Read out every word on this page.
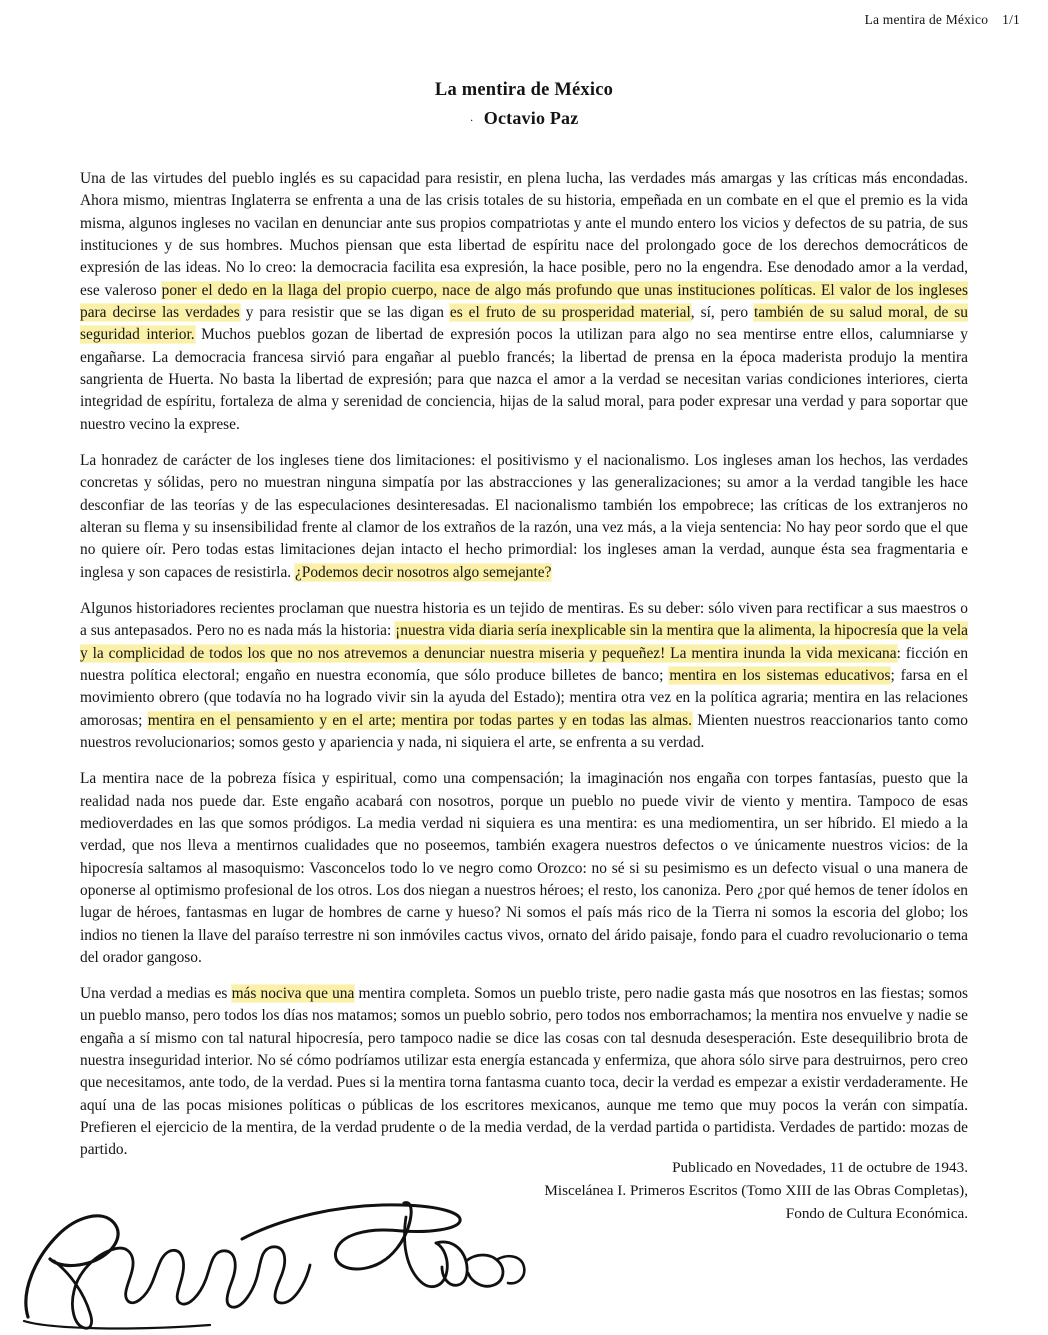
La mentira de México 1/1
La mentira de México
· Octavio Paz

Una de las virtudes del pueblo inglés es su capacidad para resistir, en plena lucha, las verdades más amargas y las críticas más encondadas. Ahora mismo, mientras Inglaterra se enfrenta a una de las crisis totales de su historia, empeñada en un combate en el que el premio es la vida misma, algunos ingleses no vacilan en denunciar ante sus propios compatriotas y ante el mundo entero los vicios y defectos de su patria, de sus instituciones y de sus hombres. Muchos piensan que esta libertad de espíritu nace del prolongado goce de los derechos democráticos de expresión de las ideas. No lo creo: la democracia facilita esa expresión, la hace posible, pero no la engendra. Ese denodado amor a la verdad, ese valeroso poner el dedo en la llaga del propio cuerpo, nace de algo más profundo que unas instituciones políticas. El valor de los ingleses para decirse las verdades y para resistir que se las digan es el fruto de su prosperidad material, sí, pero también de su salud moral, de su seguridad interior. Muchos pueblos gozan de libertad de expresión pocos la utilizan para algo no sea mentirse entre ellos, calumniarse y engañarse. La democracia francesa sirvió para engañar al pueblo francés; la libertad de prensa en la época maderista produjo la mentira sangrienta de Huerta. No basta la libertad de expresión; para que nazca el amor a la verdad se necesitan varias condiciones interiores, cierta integridad de espíritu, fortaleza de alma y serenidad de conciencia, hijas de la salud moral, para poder expresar una verdad y para soportar que nuestro vecino la exprese.

La honradez de carácter de los ingleses tiene dos limitaciones: el positivismo y el nacionalismo. Los ingleses aman los hechos, las verdades concretas y sólidas, pero no muestran ninguna simpatía por las abstracciones y las generalizaciones; su amor a la verdad tangible les hace desconfiar de las teorías y de las especulaciones desinteresadas. El nacionalismo también los empobrece; las críticas de los extranjeros no alteran su flema y su insensibilidad frente al clamor de los extraños de la razón, una vez más, a la vieja sentencia: No hay peor sordo que el que no quiere oír. Pero todas estas limitaciones dejan intacto el hecho primordial: los ingleses aman la verdad, aunque ésta sea fragmentaria e inglesa y son capaces de resistirla. ¿Podemos decir nosotros algo semejante?

Algunos historiadores recientes proclaman que nuestra historia es un tejido de mentiras. Es su deber: sólo viven para rectificar a sus maestros o a sus antepasados. Pero no es nada más la historia: ¡nuestra vida diaria sería inexplicable sin la mentira que la alimenta, la hipocresía que la vela y la complicidad de todos los que no nos atrevemos a denunciar nuestra miseria y pequeñez! La mentira inunda la vida mexicana: ficción en nuestra política electoral; engaño en nuestra economía, que sólo produce billetes de banco; mentira en los sistemas educativos; farsa en el movimiento obrero (que todavía no ha logrado vivir sin la ayuda del Estado); mentira otra vez en la política agraria; mentira en las relaciones amorosas; mentira en el pensamiento y en el arte; mentira por todas partes y en todas las almas. Mienten nuestros reaccionarios tanto como nuestros revolucionarios; somos gesto y apariencia y nada, ni siquiera el arte, se enfrenta a su verdad.

La mentira nace de la pobreza física y espiritual, como una compensación; la imaginación nos engaña con torpes fantasías, puesto que la realidad nada nos puede dar. Este engaño acabará con nosotros, porque un pueblo no puede vivir de viento y mentira. Tampoco de esas medioverdades en las que somos pródigos. La media verdad ni siquiera es una mentira: es una mediomentira, un ser híbrido. El miedo a la verdad, que nos lleva a mentirnos cualidades que no poseemos, también exagera nuestros defectos o ve únicamente nuestros vicios: de la hipocresía saltamos al masoquismo: Vasconcelos todo lo ve negro como Orozco: no sé si su pesimismo es un defecto visual o una manera de oponerse al optimismo profesional de los otros. Los dos niegan a nuestros héroes; el resto, los canoniza. Pero ¿por qué hemos de tener ídolos en lugar de héroes, fantasmas en lugar de hombres de carne y hueso? Ni somos el país más rico de la Tierra ni somos la escoria del globo; los indios no tienen la llave del paraíso terrestre ni son inmóviles cactus vivos, ornato del árido paisaje, fondo para el cuadro revolucionario o tema del orador gangoso.

Una verdad a medias es más nociva que una mentira completa. Somos un pueblo triste, pero nadie gasta más que nosotros en las fiestas; somos un pueblo manso, pero todos los días nos matamos; somos un pueblo sobrio, pero todos nos emborrachamos; la mentira nos envuelve y nadie se engaña a sí mismo con tal natural hipocresía, pero tampoco nadie se dice las cosas con tal desnuda desesperación. Este desequilibrio brota de nuestra inseguridad interior. No sé cómo podríamos utilizar esta energía estancada y enfermiza, que ahora sólo sirve para destruirnos, pero creo que necesitamos, ante todo, de la verdad. Pues si la mentira torna fantasma cuanto toca, decir la verdad es empezar a existir verdaderamente. He aquí una de las pocas misiones políticas o públicas de los escritores mexicanos, aunque me temo que muy pocos la verán con simpatía. Prefieren el ejercicio de la mentira, de la verdad prudente o de la media verdad, de la verdad partida o partidista. Verdades de partido: mozas de partido.

Publicado en Novedades, 11 de octubre de 1943.
Miscelánea I. Primeros Escritos (Tomo XIII de las Obras Completas),
Fondo de Cultura Económica.
